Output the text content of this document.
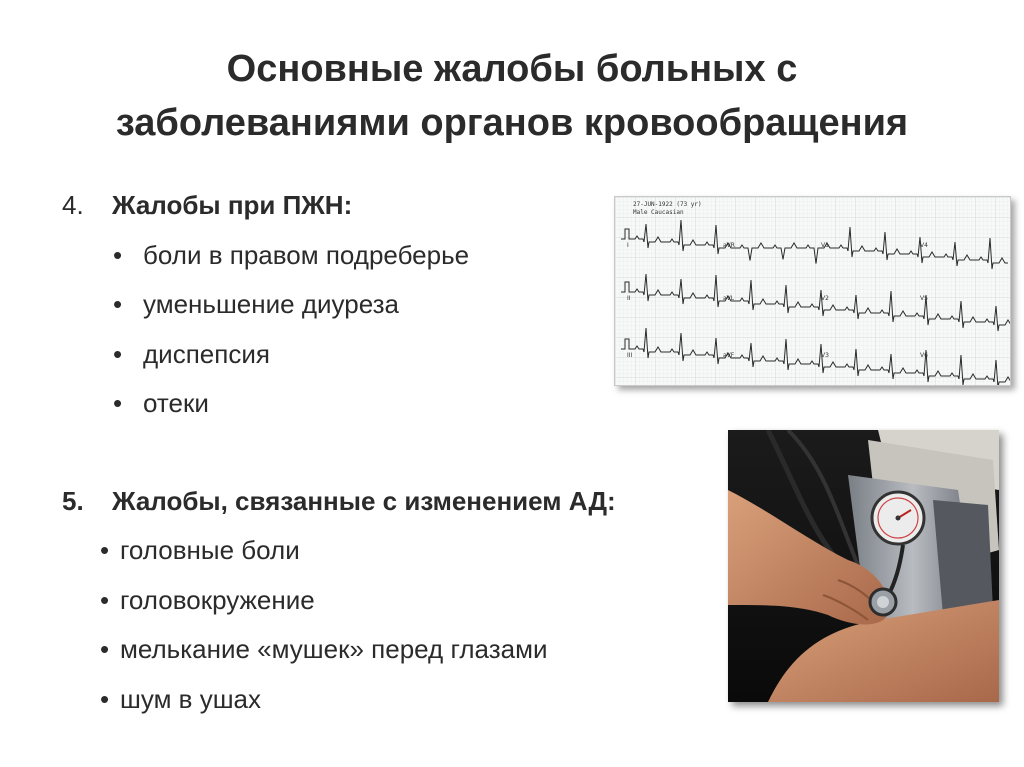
Основные жалобы больных с
заболеваниями органов кровообращения
4. Жалобы при ПЖН:
• боли в правом подреберье
• уменьшение диуреза
• диспепсия
• отеки
5. Жалобы, связанные с изменением АД:
• головные боли
• головокружение
• мелькание «мушек» перед глазами
• шум в ушах
27-JUN-1922 (73 yr)
Male Caucasian
I	aVR	V1	V4
II	aVL	V2	V5
III	aVF	V3	V6
